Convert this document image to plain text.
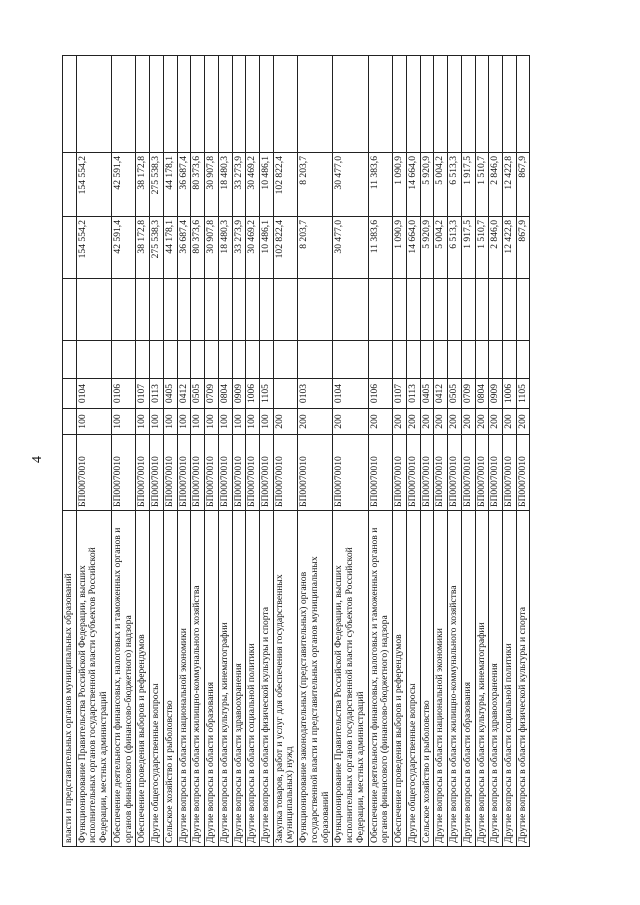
4
власти и представительных органов муниципальных образований								
Функционирование Правительства Российской Федерации, высших исполнительных органов государственной власти субъектов Российской Федерации, местных администраций	БП00070010	100	0104			154 554,2	154 554,2	
Обеспечение деятельности финансовых, налоговых и таможенных органов и органов финансового (финансово-бюджетного) надзора	БП00070010	100	0106			42 591,4	42 591,4	
Обеспечение проведения выборов и референдумов	БП00070010	100	0107			38 172,8	38 172,8	
Другие общегосударственные вопросы	БП00070010	100	0113			275 538,3	275 538,3	
Сельское хозяйство и рыболовство	БП00070010	100	0405			44 178,1	44 178,1	
Другие вопросы в области национальной экономики	БП00070010	100	0412			36 687,4	36 687,4	
Другие вопросы в области жилищно-коммунального хозяйства	БП00070010	100	0505			80 373,6	80 373,6	
Другие вопросы в области образования	БП00070010	100	0709			30 907,8	30 907,8	
Другие вопросы в области культуры, кинематографии	БП00070010	100	0804			18 480,3	18 480,3	
Другие вопросы в области здравоохранения	БП00070010	100	0909			33 273,9	33 273,9	
Другие вопросы в области социальной политики	БП00070010	100	1006			30 469,2	30 469,2	
Другие вопросы в области физической культуры и спорта	БП00070010	100	1105			10 486,1	10 486,1	
Закупка товаров, работ и услуг для обеспечения государственных (муниципальных) нужд	БП00070010	200				102 822,4	102 822,4	
Функционирование законодательных (представительных) органов государственной власти и представительных органов муниципальных образований	БП00070010	200	0103			8 203,7	8 203,7	
Функционирование Правительства Российской Федерации, высших исполнительных органов государственной власти субъектов Российской Федерации, местных администраций	БП00070010	200	0104			30 477,0	30 477,0	
Обеспечение деятельности финансовых, налоговых и таможенных органов и органов финансового (финансово-бюджетного) надзора	БП00070010	200	0106			11 383,6	11 383,6	
Обеспечение проведения выборов и референдумов	БП00070010	200	0107			1 090,9	1 090,9	
Другие общегосударственные вопросы	БП00070010	200	0113			14 664,0	14 664,0	
Сельское хозяйство и рыболовство	БП00070010	200	0405			5 920,9	5 920,9	
Другие вопросы в области национальной экономики	БП00070010	200	0412			5 004,2	5 004,2	
Другие вопросы в области жилищно-коммунального хозяйства	БП00070010	200	0505			6 513,3	6 513,3	
Другие вопросы в области образования	БП00070010	200	0709			1 917,5	1 917,5	
Другие вопросы в области культуры, кинематографии	БП00070010	200	0804			1 510,7	1 510,7	
Другие вопросы в области здравоохранения	БП00070010	200	0909			2 846,0	2 846,0	
Другие вопросы в области социальной политики	БП00070010	200	1006			12 422,8	12 422,8	
Другие вопросы в области физической культуры и спорта	БП00070010	200	1105			867,9	867,9	
